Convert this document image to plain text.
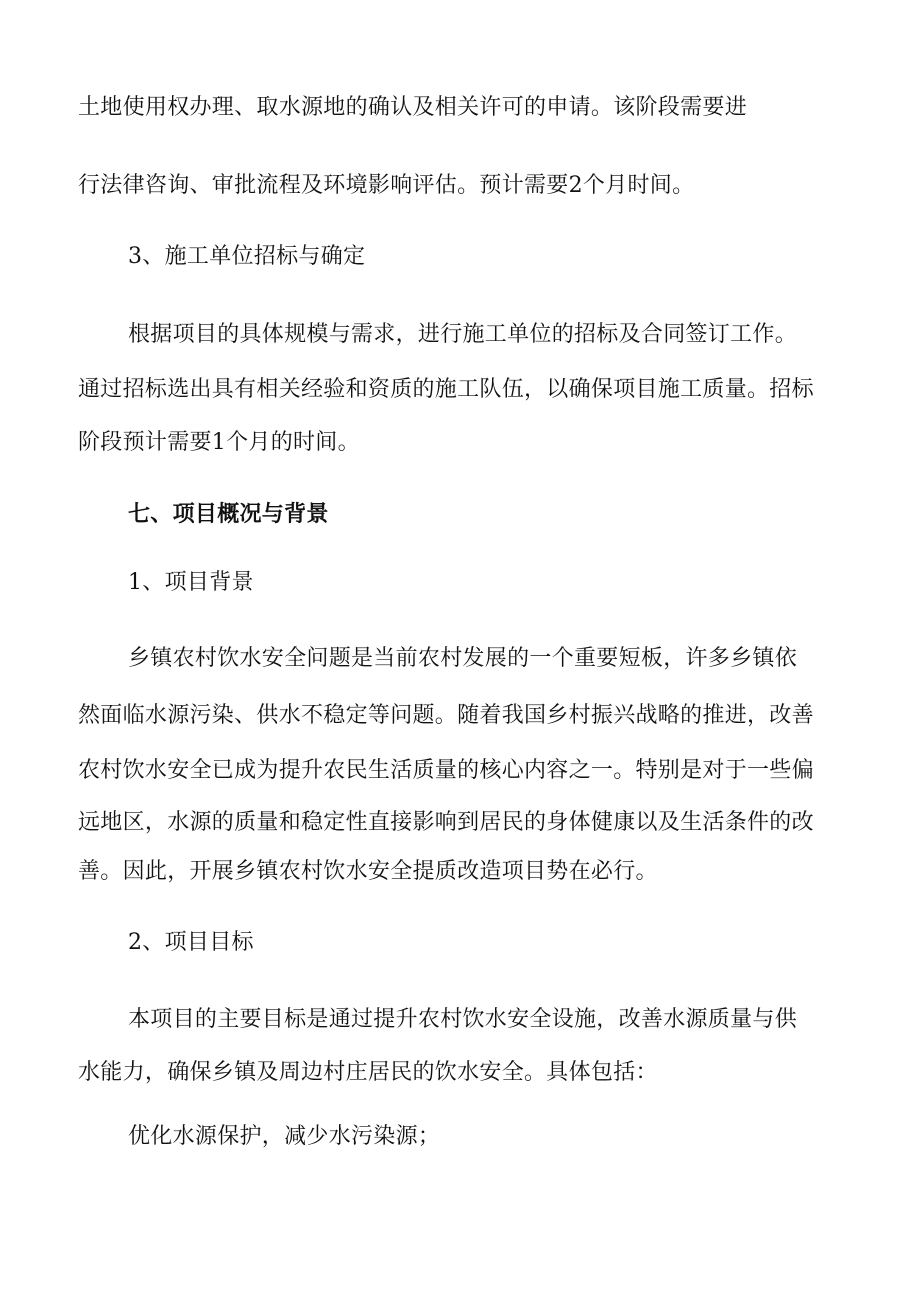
土地使用权办理、取水源地的确认及相关许可的申请。该阶段需要进
行法律咨询、审批流程及环境影响评估。预计需要2个月时间。
3、施工单位招标与确定
根据项目的具体规模与需求，进行施工单位的招标及合同签订工作。
通过招标选出具有相关经验和资质的施工队伍，以确保项目施工质量。招标
阶段预计需要1个月的时间。
七、项目概况与背景
1、项目背景
乡镇农村饮水安全问题是当前农村发展的一个重要短板，许多乡镇依
然面临水源污染、供水不稳定等问题。随着我国乡村振兴战略的推进，改善
农村饮水安全已成为提升农民生活质量的核心内容之一。特别是对于一些偏
远地区，水源的质量和稳定性直接影响到居民的身体健康以及生活条件的改
善。因此，开展乡镇农村饮水安全提质改造项目势在必行。
2、项目目标
本项目的主要目标是通过提升农村饮水安全设施，改善水源质量与供
水能力，确保乡镇及周边村庄居民的饮水安全。具体包括：
优化水源保护，减少水污染源；
